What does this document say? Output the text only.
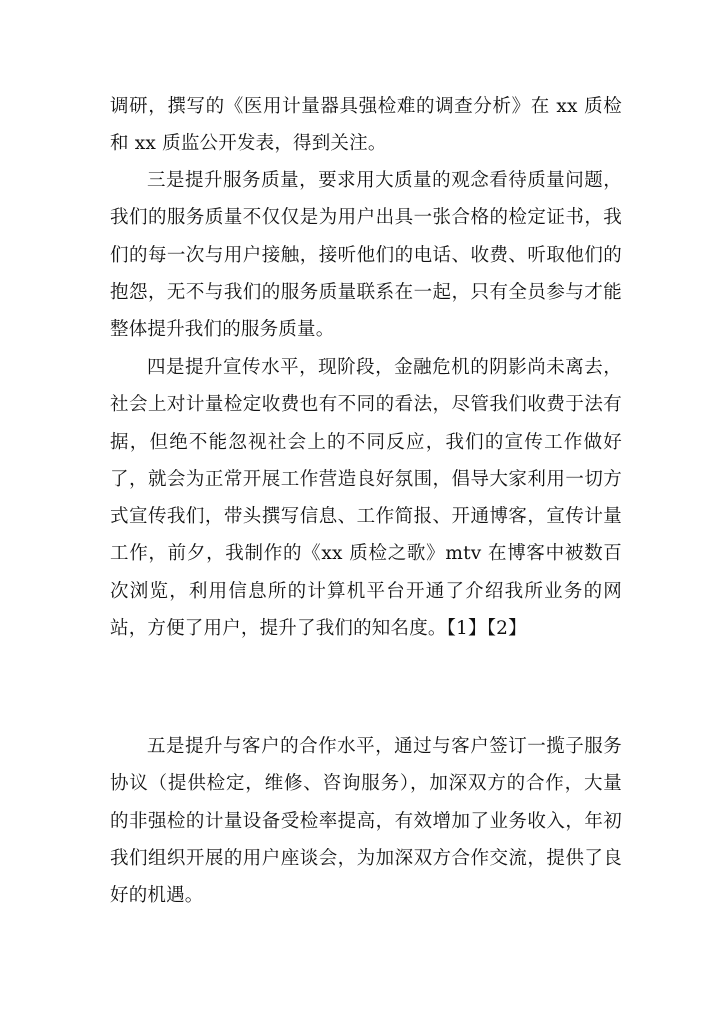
调研，撰写的《医用计量器具强检难的调查分析》在 xx 质检和 xx 质监公开发表，得到关注。

三是提升服务质量，要求用大质量的观念看待质量问题，我们的服务质量不仅仅是为用户出具一张合格的检定证书，我们的每一次与用户接触，接听他们的电话、收费、听取他们的抱怨，无不与我们的服务质量联系在一起，只有全员参与才能整体提升我们的服务质量。

四是提升宣传水平，现阶段，金融危机的阴影尚未离去，社会上对计量检定收费也有不同的看法，尽管我们收费于法有据，但绝不能忽视社会上的不同反应，我们的宣传工作做好了，就会为正常开展工作营造良好氛围，倡导大家利用一切方式宣传我们，带头撰写信息、工作简报、开通博客，宣传计量工作，前夕，我制作的《xx 质检之歌》mtv 在博客中被数百次浏览，利用信息所的计算机平台开通了介绍我所业务的网站，方便了用户，提升了我们的知名度。【1】【2】

五是提升与客户的合作水平，通过与客户签订一揽子服务协议（提供检定，维修、咨询服务），加深双方的合作，大量的非强检的计量设备受检率提高，有效增加了业务收入，年初我们组织开展的用户座谈会，为加深双方合作交流，提供了良好的机遇。
